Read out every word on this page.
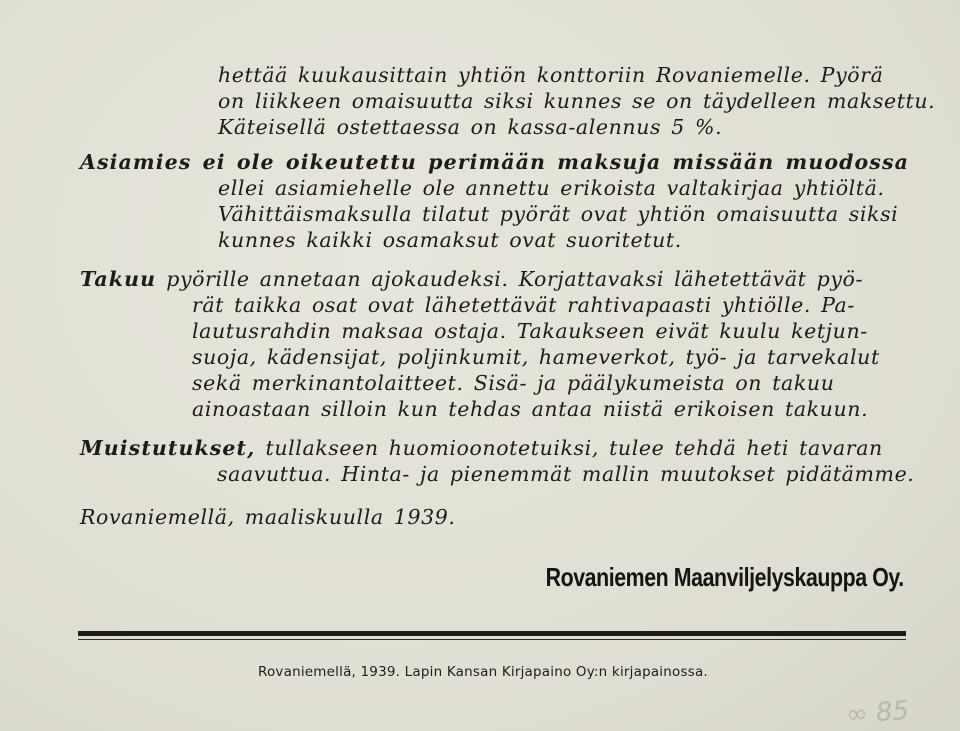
hettää kuukausittain yhtiön konttoriin Rovaniemelle. Pyörä
on liikkeen omaisuutta siksi kunnes se on täydelleen maksettu.
Käteisellä ostettaessa on kassa-alennus 5 %.
Asiamies ei ole oikeutettu perimään maksuja missään muodossa
ellei asiamiehelle ole annettu erikoista valtakirjaa yhtiöltä.
Vähittäismaksulla tilatut pyörät ovat yhtiön omaisuutta siksi
kunnes kaikki osamaksut ovat suoritetut.
Takuu pyörille annetaan ajokaudeksi. Korjattavaksi lähetettävät pyö-
rät taikka osat ovat lähetettävät rahtivapaasti yhtiölle. Pa-
lautusrahdin maksaa ostaja. Takaukseen eivät kuulu ketjun-
suoja, kädensijat, poljinkumit, hameverkot, työ- ja tarvekalut
sekä merkinantolaitteet. Sisä- ja päälykumeista on takuu
ainoastaan silloin kun tehdas antaa niistä erikoisen takuun.
Muistutukset, tullakseen huomioonotetuiksi, tulee tehdä heti tavaran
saavuttua. Hinta- ja pienemmät mallin muutokset pidätämme.
Rovaniemellä, maaliskuulla 1939.
Rovaniemen Maanviljelyskauppa Oy.
Rovaniemellä, 1939. Lapin Kansan Kirjapaino Oy:n kirjapainossa.
∞ 85
